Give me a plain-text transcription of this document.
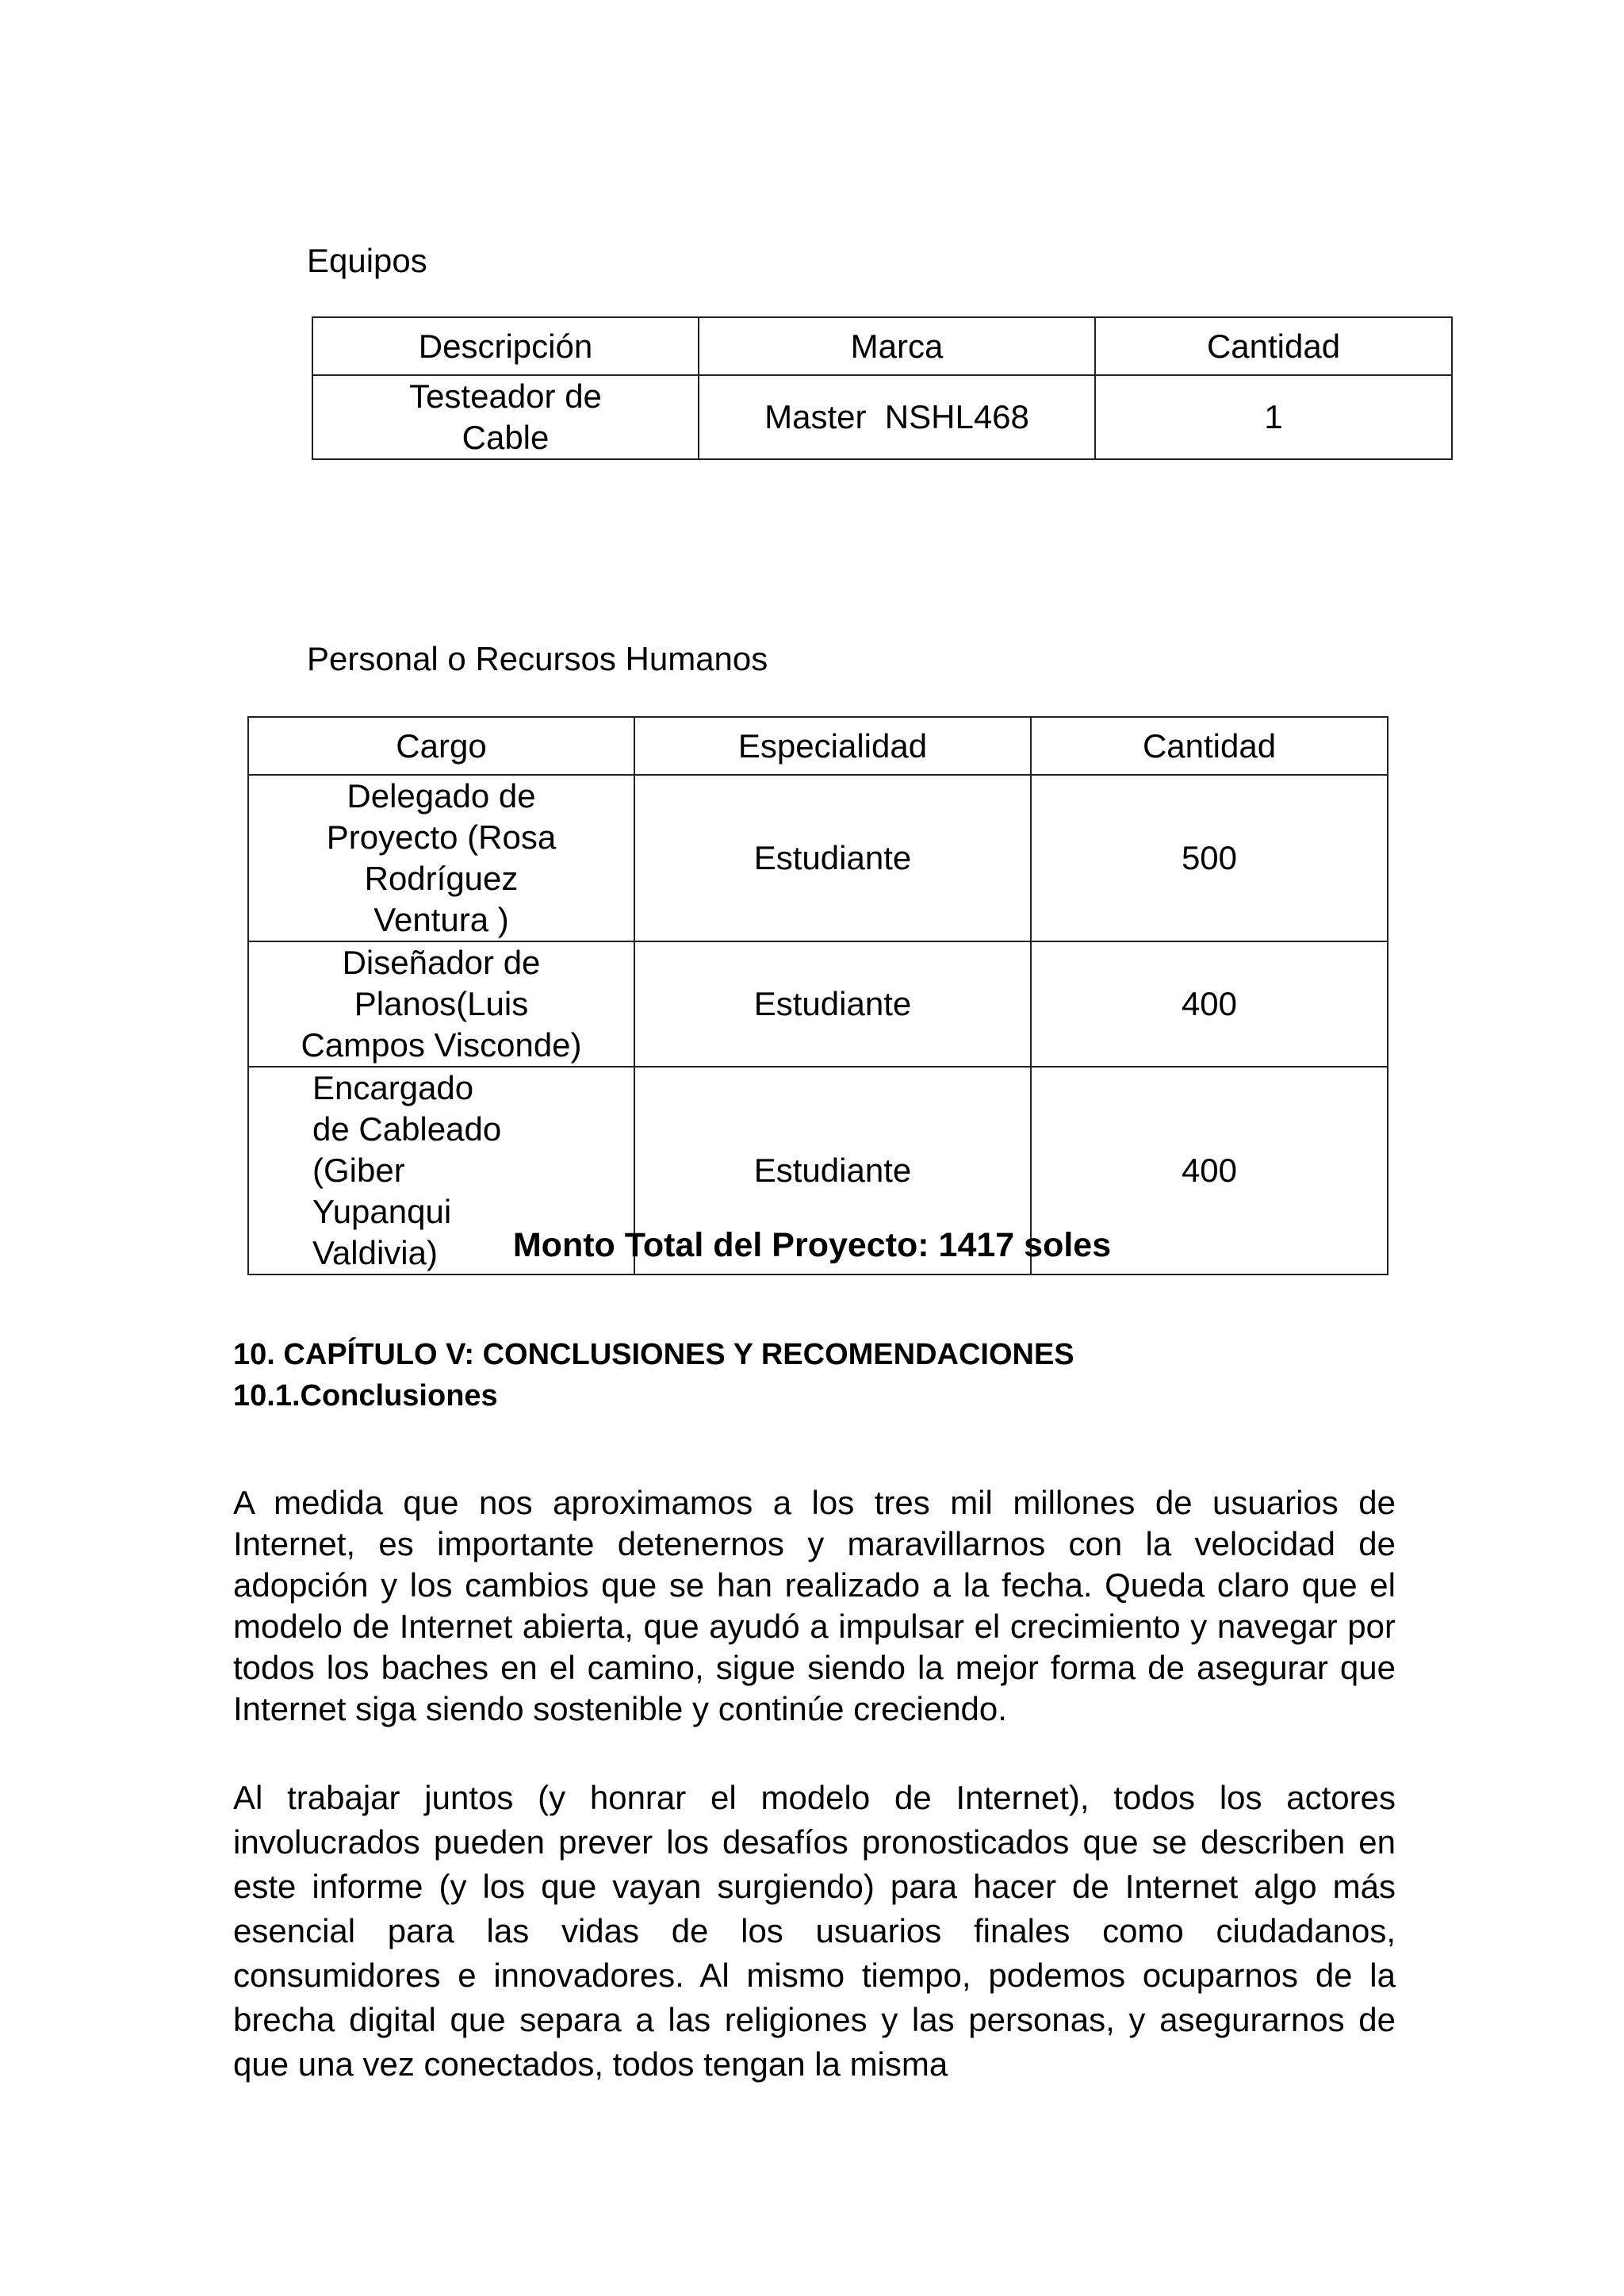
Equipos
Descripción	Marca	Cantidad
Testeador de Cable	Master  NSHL468	1
Personal o Recursos Humanos
Cargo	Especialidad	Cantidad
Delegado de Proyecto (Rosa Rodríguez Ventura )	Estudiante	500
Diseñador de Planos(Luis Campos Visconde)	Estudiante	400
Encargado de Cableado (Giber Yupanqui Valdivia)	Estudiante	400
Monto Total del Proyecto: 1417 soles
10. CAPÍTULO V: CONCLUSIONES Y RECOMENDACIONES
10.1.Conclusiones

A medida que nos aproximamos a los tres mil millones de usuarios de Internet, es importante detenernos y maravillarnos con la velocidad de adopción y los cambios que se han realizado a la fecha. Queda claro que el modelo de Internet abierta, que ayudó a impulsar el crecimiento y navegar por todos los baches en el camino, sigue siendo la mejor forma de asegurar que Internet siga siendo sostenible y continúe creciendo.

Al trabajar juntos (y honrar el modelo de Internet), todos los actores involucrados pueden prever los desafíos pronosticados que se describen en este informe (y los que vayan surgiendo) para hacer de Internet algo más esencial para las vidas de los usuarios finales como ciudadanos, consumidores e innovadores. Al mismo tiempo, podemos ocuparnos de la brecha digital que separa a las religiones y las personas, y asegurarnos de que una vez conectados, todos tengan la misma
